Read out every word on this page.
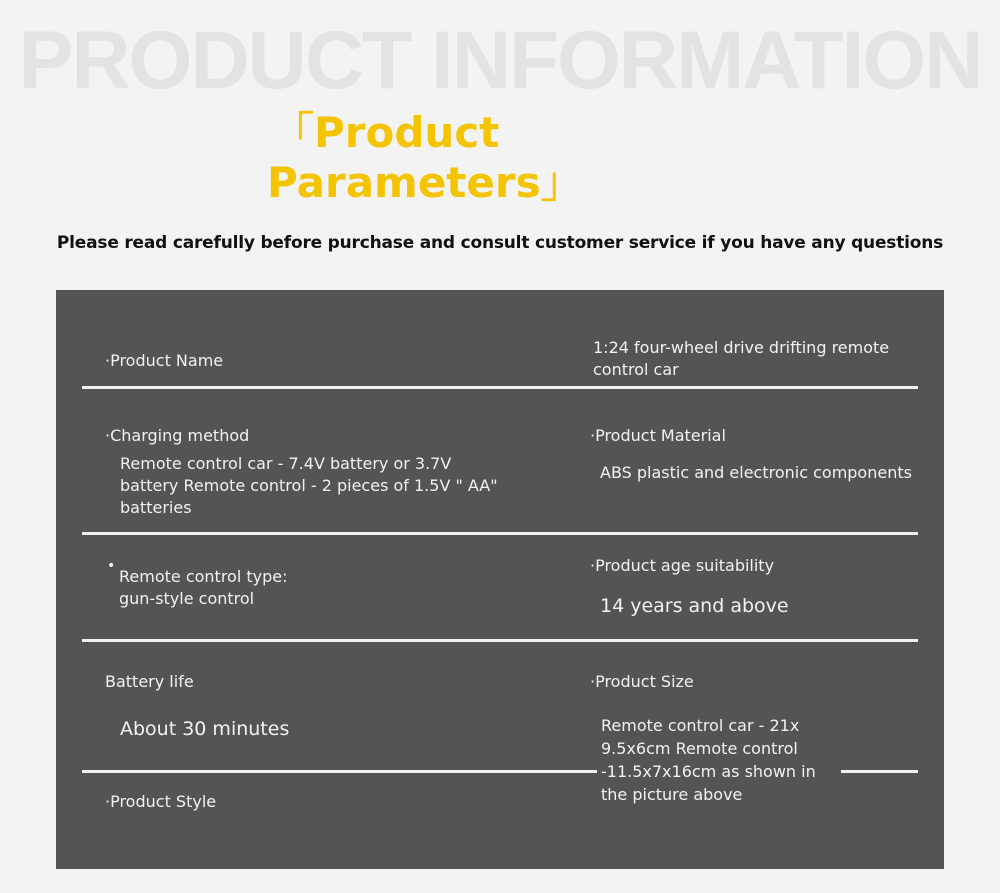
PRODUCT INFORMATION
「Product
Parameters」
Please read carefully before purchase and consult customer service if you have any questions
·Product Name
1:24 four-wheel drive drifting remote control car
·Charging method
Remote control car - 7.4V battery or 3.7V battery Remote control - 2 pieces of 1.5V " AA" batteries
·Product Material
ABS plastic and electronic components
•
Remote control type:
gun-style control
·Product age suitability
14 years and above
Battery life
About 30 minutes
·Product Size
Remote control car - 21x 9.5x6cm Remote control -11.5x7x16cm as shown in the picture above
·Product Style
